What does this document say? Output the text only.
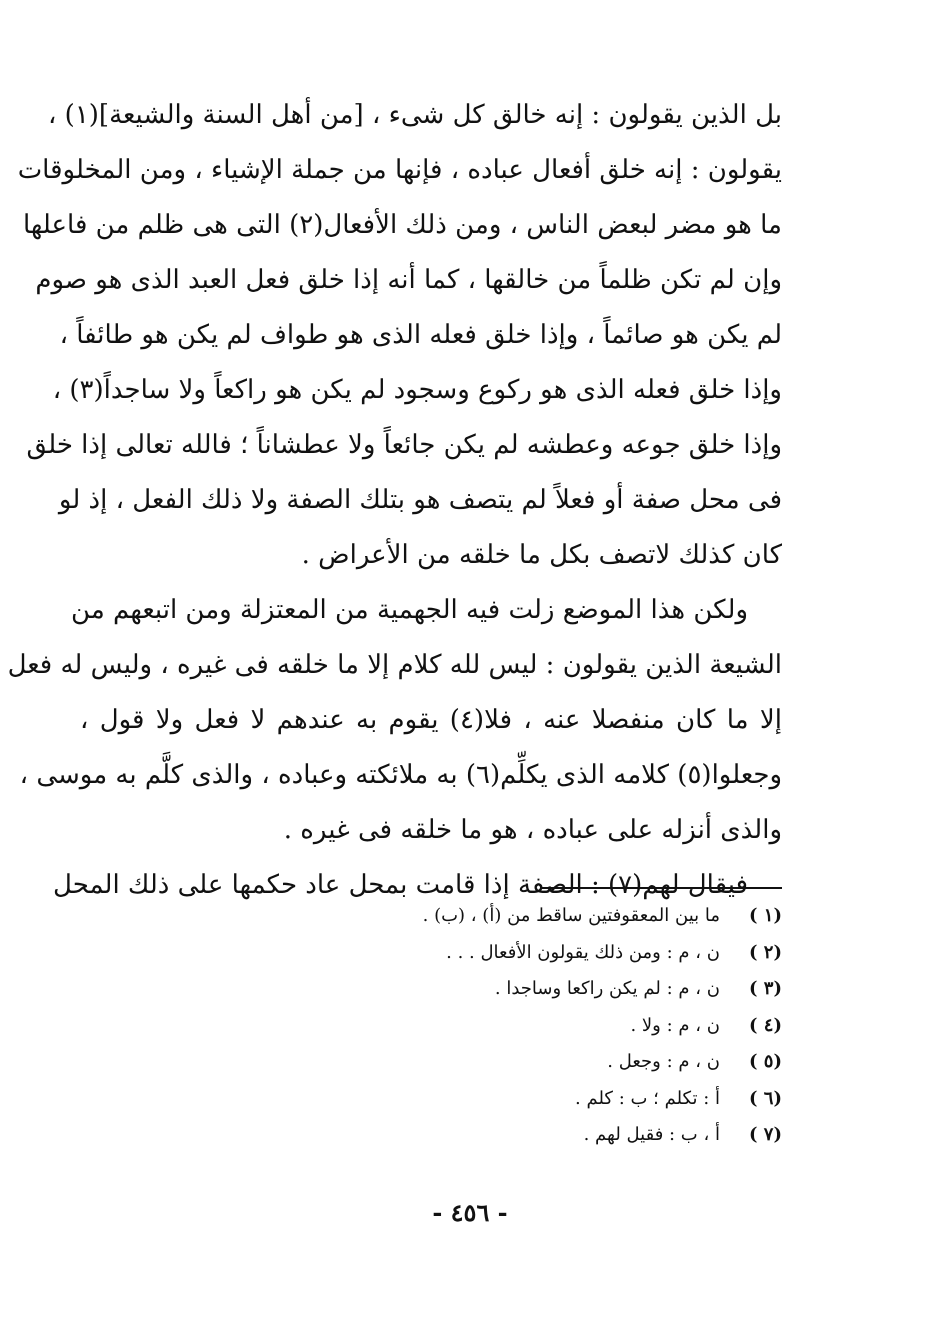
بل الذين يقولون : إنه خالق كل شىء ، [من أهل السنة والشيعة](١) ،
يقولون : إنه خلق أفعال عباده ، فإنها من جملة الإشياء ، ومن المخلوقات
ما هو مضر لبعض الناس ، ومن ذلك الأفعال(٢) التى هى ظلم من فاعلها
وإن لم تكن ظلماً من خالقها ، كما أنه إذا خلق فعل العبد الذى هو صوم
لم يكن هو صائماً ، وإذا خلق فعله الذى هو طواف لم يكن هو طائفاً ،
وإذا خلق فعله الذى هو ركوع وسجود لم يكن هو راكعاً ولا ساجداً(٣) ،
وإذا خلق جوعه وعطشه لم يكن جائعاً ولا عطشاناً ؛ فالله تعالى إذا خلق
فى محل صفة أو فعلاً لم يتصف هو بتلك الصفة ولا ذلك الفعل ، إذ لو
كان كذلك لاتصف بكل ما خلقه من الأعراض .
ولكن هذا الموضع زلت فيه الجهمية من المعتزلة ومن اتبعهم من
الشيعة الذين يقولون : ليس لله كلام إلا ما خلقه فى غيره ، وليس له فعل
إلا ما كان منفصلا عنه ، فلا(٤) يقوم به عندهم لا فعل ولا قول ،
وجعلوا(٥) كلامه الذى يكلِّم(٦) به ملائكته وعباده ، والذى كلَّم به موسى ،
والذى أنزله على عباده ، هو ما خلقه فى غيره .
فيقال لهم(٧) : الصفة إذا قامت بمحل عاد حكمها على ذلك المحل
(١ )
ما بين المعقوفتين ساقط من (أ) ، (ب) .
(٢ )
ن ، م : ومن ذلك يقولون الأفعال . . .
(٣ )
ن ، م : لم يكن راكعا وساجدا .
(٤ )
ن ، م : ولا .
(٥ )
ن ، م : وجعل .
(٦ )
أ : تكلم ؛ ب : كلم .
(٧ )
أ ، ب : فقيل لهم .
- ٤٥٦ -
